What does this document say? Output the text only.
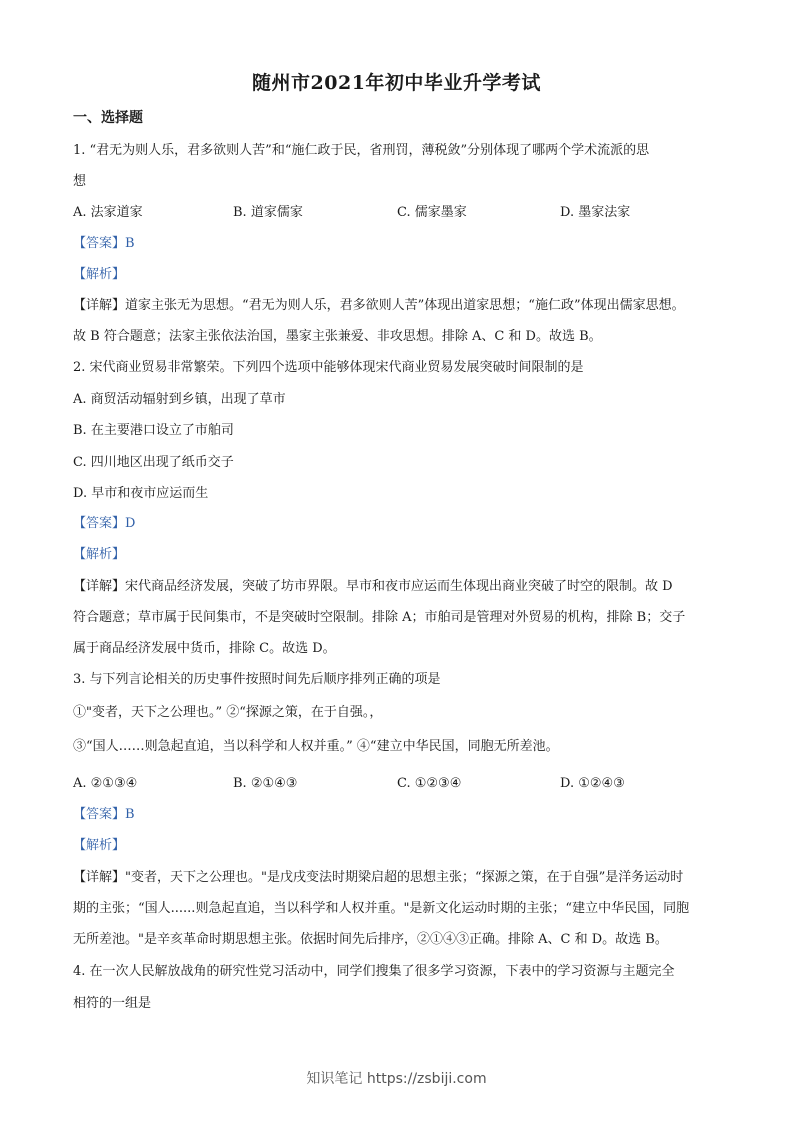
随州市2021年初中毕业升学考试
一、选择题
1. “君无为则人乐，君多欲则人苦”和“施仁政于民，省刑罚，薄税敛”分别体现了哪两个学术流派的思
想
A. 法家道家	B. 道家儒家	C. 儒家墨家	D. 墨家法家
【答案】B
【解析】
【详解】道家主张无为思想。“君无为则人乐，君多欲则人苦”体现出道家思想；“施仁政”体现出儒家思想。
故 B 符合题意；法家主张依法治国，墨家主张兼爱、非攻思想。排除 A、C 和 D。故选 B。
2. 宋代商业贸易非常繁荣。下列四个选项中能够体现宋代商业贸易发展突破时间限制的是
A. 商贸活动辐射到乡镇，出现了草市
B. 在主要港口设立了市舶司
C. 四川地区出现了纸币交子
D. 早市和夜市应运而生
【答案】D
【解析】
【详解】宋代商品经济发展，突破了坊市界限。早市和夜市应运而生体现出商业突破了时空的限制。故 D
符合题意；草市属于民间集市，不是突破时空限制。排除 A；市舶司是管理对外贸易的机构，排除 B；交子
属于商品经济发展中货币，排除 C。故选 D。
3. 与下列言论相关的历史事件按照时间先后顺序排列正确的项是
①"变者，天下之公理也。” ②“探源之策，在于自强。，
③“国人……则急起直追，当以科学和人权并重。” ④“建立中华民国，同胞无所差池。
A. ②①③④	B. ②①④③	C. ①②③④	D. ①②④③
【答案】B
【解析】
【详解】"变者，天下之公理也。"是戊戌变法时期梁启超的思想主张；“探源之策，在于自强”是洋务运动时
期的主张；“国人......则急起直追，当以科学和人权并重。"是新文化运动时期的主张；“建立中华民国，同胞
无所差池。"是辛亥革命时期思想主张。依据时间先后排序，②①④③正确。排除 A、C 和 D。故选 B。
4. 在一次人民解放战角的研究性党习活动中，同学们搜集了很多学习资源，下表中的学习资源与主题完全
相符的一组是
知识笔记 https://zsbiji.com
